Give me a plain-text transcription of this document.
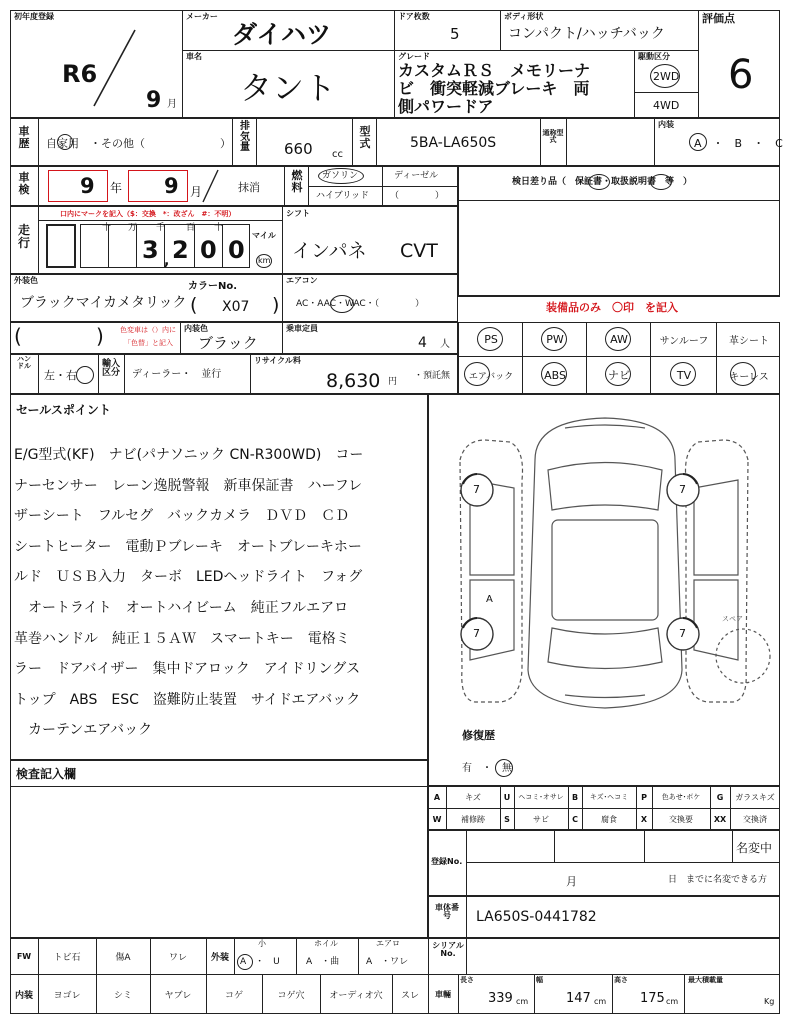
初年度登録
R6
9 月
メーカー
ダイハツ
ドア枚数
5
ボディ形状
コンパクト/ハッチバック
評価点
6
車名
タント
グレード
カスタムＲＳ　メモリーナ
ビ　衝突軽減ブレーキ　両
側パワードア
駆動区分
2WD
4WD
車歴	自家用　・その他（	）
排気量 660 cc
型式	5BA-LA650S
通称型式
内装
A　・　B　・　C
車検 9 年 9 月	抹消
燃料
ガソリン	ディーゼル
ハイブリッド （　　　　）
検日差り品（　保証書・取扱説明書　等　）
走行
口内にマークを記入（$：交換　*：改ざん　#：不明）
十 万 千 百 十
マイル
3 , 2 0 0 km
シフト
インパネ CVT
外装色
ブラックマイカメタリック
カラーNo.
( X07 )
エアコン
AC・AAC・WAC・（　　　　）	装備品のみ　〇印　を記入
(	) 色変車は（）内に
「色替」と記入
内装色
ブラック
乗車定員
4 人	PS	PW	AW	サンルーフ	革シート
エアバック	ABS	ナビ	TV	キーレス
ハンドル
左・右
輸入区分 ディーラー・　並行
リサイクル料
8,630 円
・預託無
セールスポイント
E/G型式(KF)　ナビ(パナソニック CN-R300WD)　コー
ナーセンサー　レーン逸脱警報　新車保証書　ハーフレ
ザーシート　フルセグ　バックカメラ　ＤＶＤ　ＣＤ
シートヒーター　電動Ｐブレーキ　オートブレーキホー
ルド　ＵＳＢ入力　ターボ　LEDヘッドライト　フォグ
　オートライト　オートハイビーム　純正フルエアロ
革巻ハンドル　純正１５ＡＷ　スマートキー　電格ミ
ラー　ドアバイザー　集中ドアロック　アイドリングス
トップ　ABS　ESC　盗難防止装置　サイドエアバック
　カーテンエアバック
7	7
7	7
A
スペア
修復歴
有　・　無
検査記入欄
A	キズ	U	ヘコミ･オサレ	B	キズ･ヘコミ	P	色あせ･ボケ	G	ガラスキズ
W	補修跡	S	サビ	C	腐食	X	交換要	XX	交換済
登録No.
名変中
月	日　までに名変できる方
車体番号	LA650S-0441782
FW	トビ石	傷A	ワレ	外装
小	ホイル	エアロ
A　・　U	A　・曲	A　・ワレ
シリアルNo.
内装	ヨゴレ	シミ	ヤブレ	コゲ	コゲ穴	オーディオ穴	スレ	車輛
長さ
339 cm
幅
147 cm
高さ
175 cm
最大積載量
Kg
